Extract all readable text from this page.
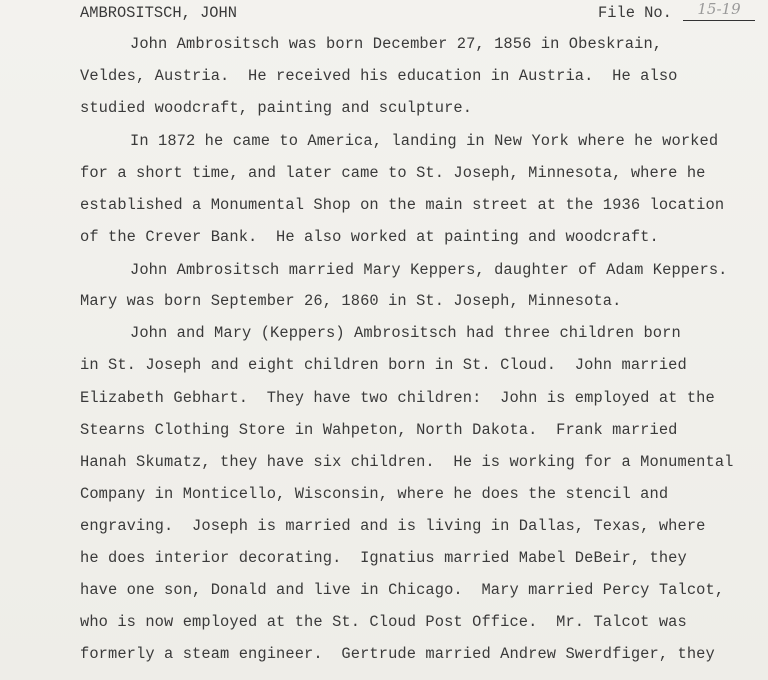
AMBROSITSCH, JOHN	File No.	15-19
John Ambrositsch was born December 27, 1856 in Obeskrain,
Veldes, Austria.  He received his education in Austria.  He also
studied woodcraft, painting and sculpture.
In 1872 he came to America, landing in New York where he worked
for a short time, and later came to St. Joseph, Minnesota, where he
established a Monumental Shop on the main street at the 1936 location
of the Crever Bank.  He also worked at painting and woodcraft.
John Ambrositsch married Mary Keppers, daughter of Adam Keppers.
Mary was born September 26, 1860 in St. Joseph, Minnesota.
John and Mary (Keppers) Ambrositsch had three children born
in St. Joseph and eight children born in St. Cloud.  John married
Elizabeth Gebhart.  They have two children:  John is employed at the
Stearns Clothing Store in Wahpeton, North Dakota.  Frank married
Hanah Skumatz, they have six children.  He is working for a Monumental
Company in Monticello, Wisconsin, where he does the stencil and
engraving.  Joseph is married and is living in Dallas, Texas, where
he does interior decorating.  Ignatius married Mabel DeBeir, they
have one son, Donald and live in Chicago.  Mary married Percy Talcot,
who is now employed at the St. Cloud Post Office.  Mr. Talcot was
formerly a steam engineer.  Gertrude married Andrew Swerdfiger, they
